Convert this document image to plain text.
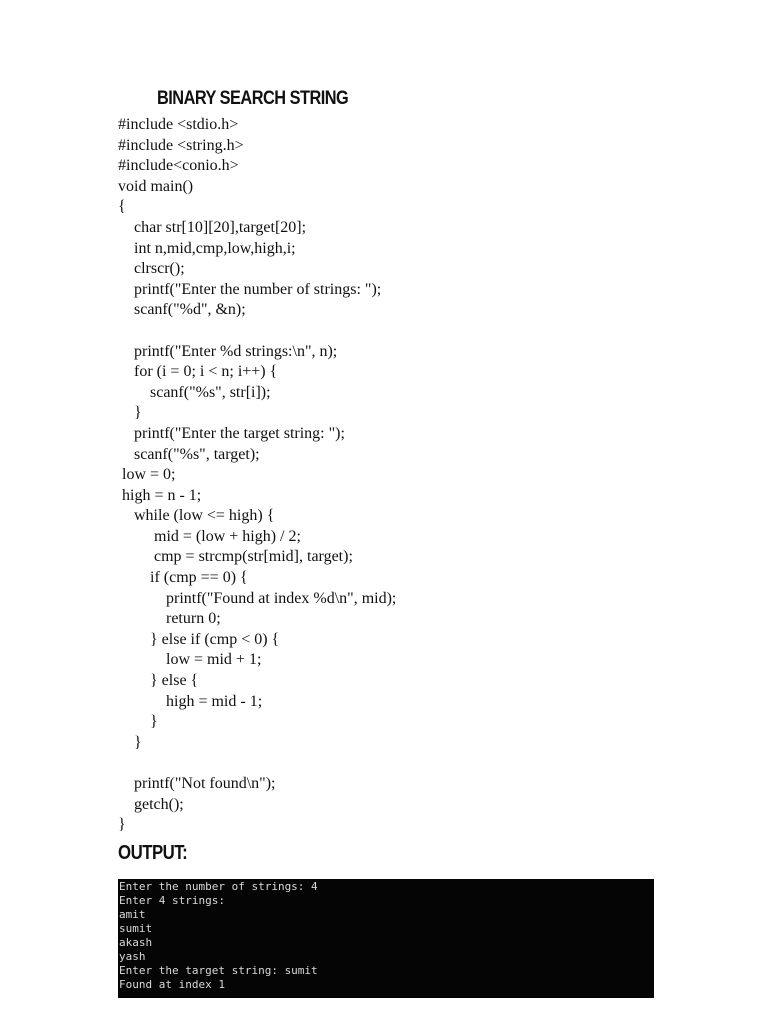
BINARY SEARCH STRING
#include <stdio.h>
#include <string.h>
#include<conio.h>
void main()
{
char str[10][20],target[20];
int n,mid,cmp,low,high,i;
clrscr();
printf("Enter the number of strings: ");
scanf("%d", &n);
printf("Enter %d strings:\n", n);
for (i = 0; i < n; i++) {
scanf("%s", str[i]);
}
printf("Enter the target string: ");
scanf("%s", target);
low = 0;
high = n - 1;
while (low <= high) {
mid = (low + high) / 2;
cmp = strcmp(str[mid], target);
if (cmp == 0) {
printf("Found at index %d\n", mid);
return 0;
} else if (cmp < 0) {
low = mid + 1;
} else {
high = mid - 1;
}
}
printf("Not found\n");
getch();
}
OUTPUT:
Enter the number of strings: 4
Enter 4 strings:
amit
sumit
akash
yash
Enter the target string: sumit
Found at index 1
